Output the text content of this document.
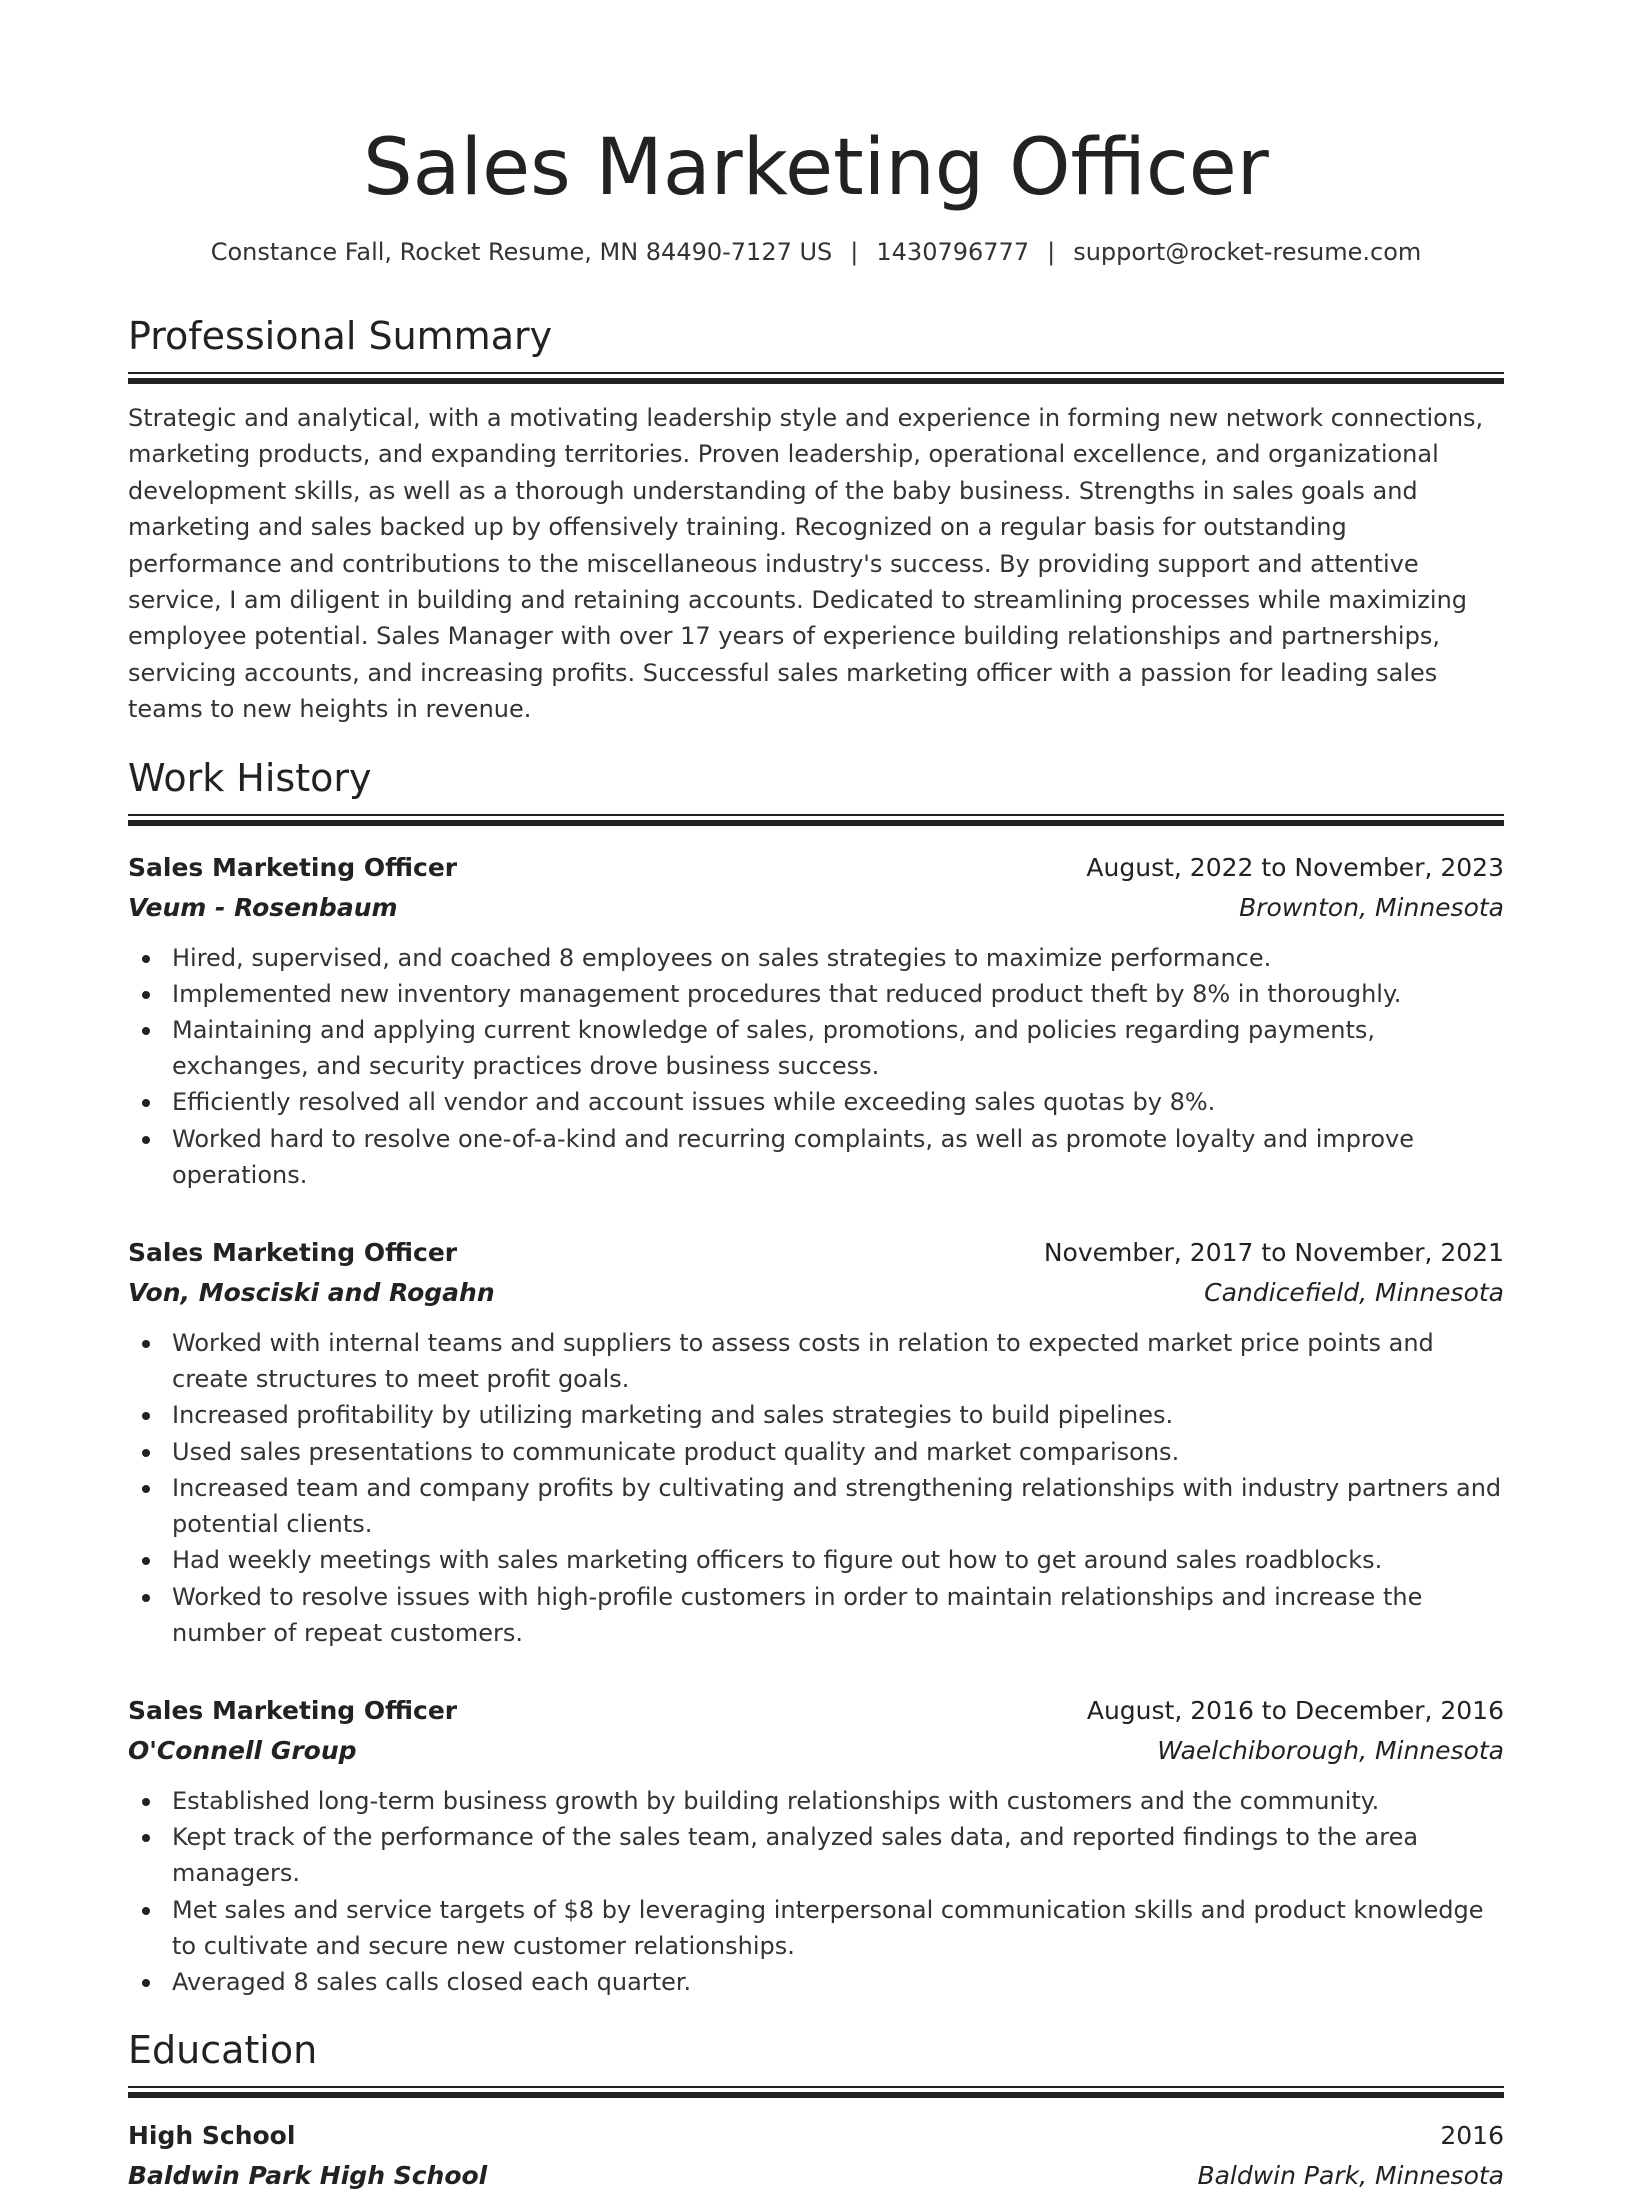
Sales Marketing Officer
Constance Fall, Rocket Resume, MN 84490-7127 US | 1430796777 | support@rocket-resume.com
Professional Summary
Strategic and analytical, with a motivating leadership style and experience in forming new network connections, marketing products, and expanding territories. Proven leadership, operational excellence, and organizational development skills, as well as a thorough understanding of the baby business. Strengths in sales goals and marketing and sales backed up by offensively training. Recognized on a regular basis for outstanding performance and contributions to the miscellaneous industry's success. By providing support and attentive service, I am diligent in building and retaining accounts. Dedicated to streamlining processes while maximizing employee potential. Sales Manager with over 17 years of experience building relationships and partnerships, servicing accounts, and increasing profits. Successful sales marketing officer with a passion for leading sales teams to new heights in revenue.
Work History
Sales Marketing Officer	August, 2022 to November, 2023
Veum - Rosenbaum	Brownton, Minnesota
Hired, supervised, and coached 8 employees on sales strategies to maximize performance.
Implemented new inventory management procedures that reduced product theft by 8% in thoroughly.
Maintaining and applying current knowledge of sales, promotions, and policies regarding payments, exchanges, and security practices drove business success.
Efficiently resolved all vendor and account issues while exceeding sales quotas by 8%.
Worked hard to resolve one-of-a-kind and recurring complaints, as well as promote loyalty and improve operations.
Sales Marketing Officer	November, 2017 to November, 2021
Von, Mosciski and Rogahn	Candicefield, Minnesota
Worked with internal teams and suppliers to assess costs in relation to expected market price points and create structures to meet profit goals.
Increased profitability by utilizing marketing and sales strategies to build pipelines.
Used sales presentations to communicate product quality and market comparisons.
Increased team and company profits by cultivating and strengthening relationships with industry partners and potential clients.
Had weekly meetings with sales marketing officers to figure out how to get around sales roadblocks.
Worked to resolve issues with high-profile customers in order to maintain relationships and increase the number of repeat customers.
Sales Marketing Officer	August, 2016 to December, 2016
O'Connell Group	Waelchiborough, Minnesota
Established long-term business growth by building relationships with customers and the community.
Kept track of the performance of the sales team, analyzed sales data, and reported findings to the area managers.
Met sales and service targets of $8 by leveraging interpersonal communication skills and product knowledge to cultivate and secure new customer relationships.
Averaged 8 sales calls closed each quarter.
Education
High School	2016
Baldwin Park High School	Baldwin Park, Minnesota
